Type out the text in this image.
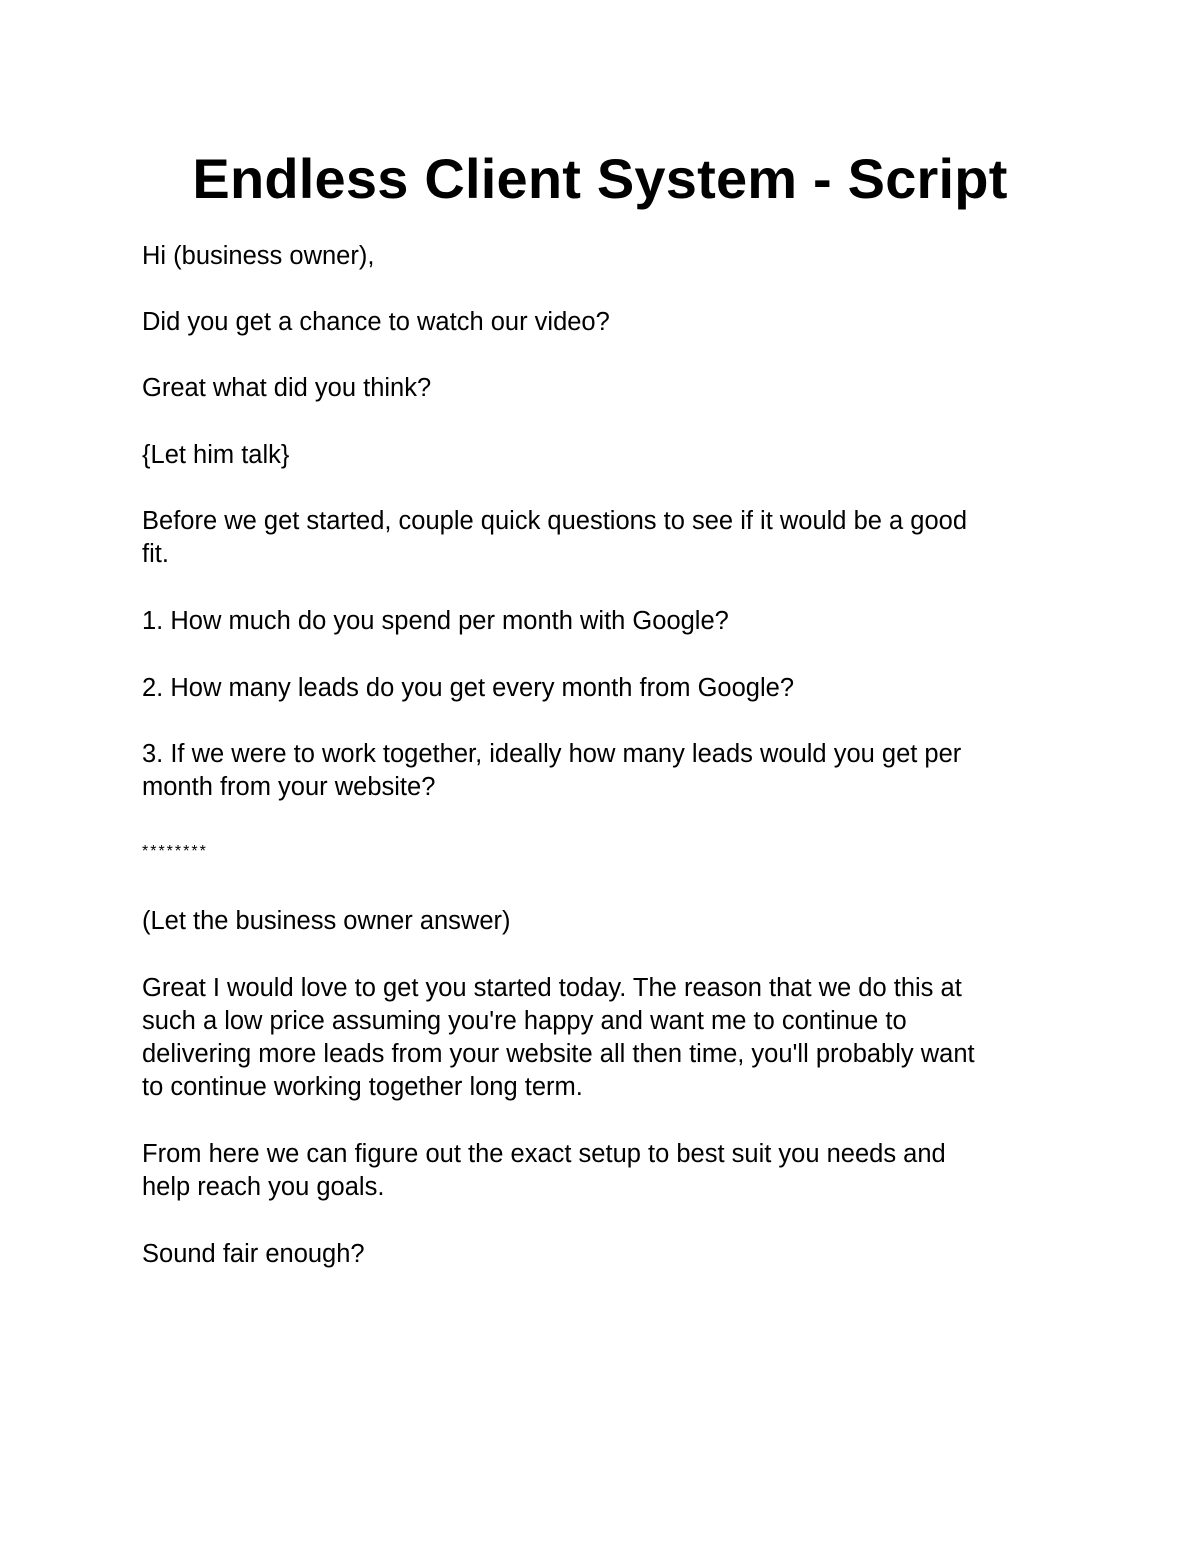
Endless Client System - Script

Hi (business owner),

Did you get a chance to watch our video?

Great what did you think?

{Let him talk}

Before we get started, couple quick questions to see if it would be a good
fit.

1. How much do you spend per month with Google?

2. How many leads do you get every month from Google?

3. If we were to work together, ideally how many leads would you get per
month from your website?

********

(Let the business owner answer)

Great I would love to get you started today. The reason that we do this at
such a low price assuming you're happy and want me to continue to
delivering more leads from your website all then time, you'll probably want
to continue working together long term.

From here we can figure out the exact setup to best suit you needs and
help reach you goals.

Sound fair enough?
